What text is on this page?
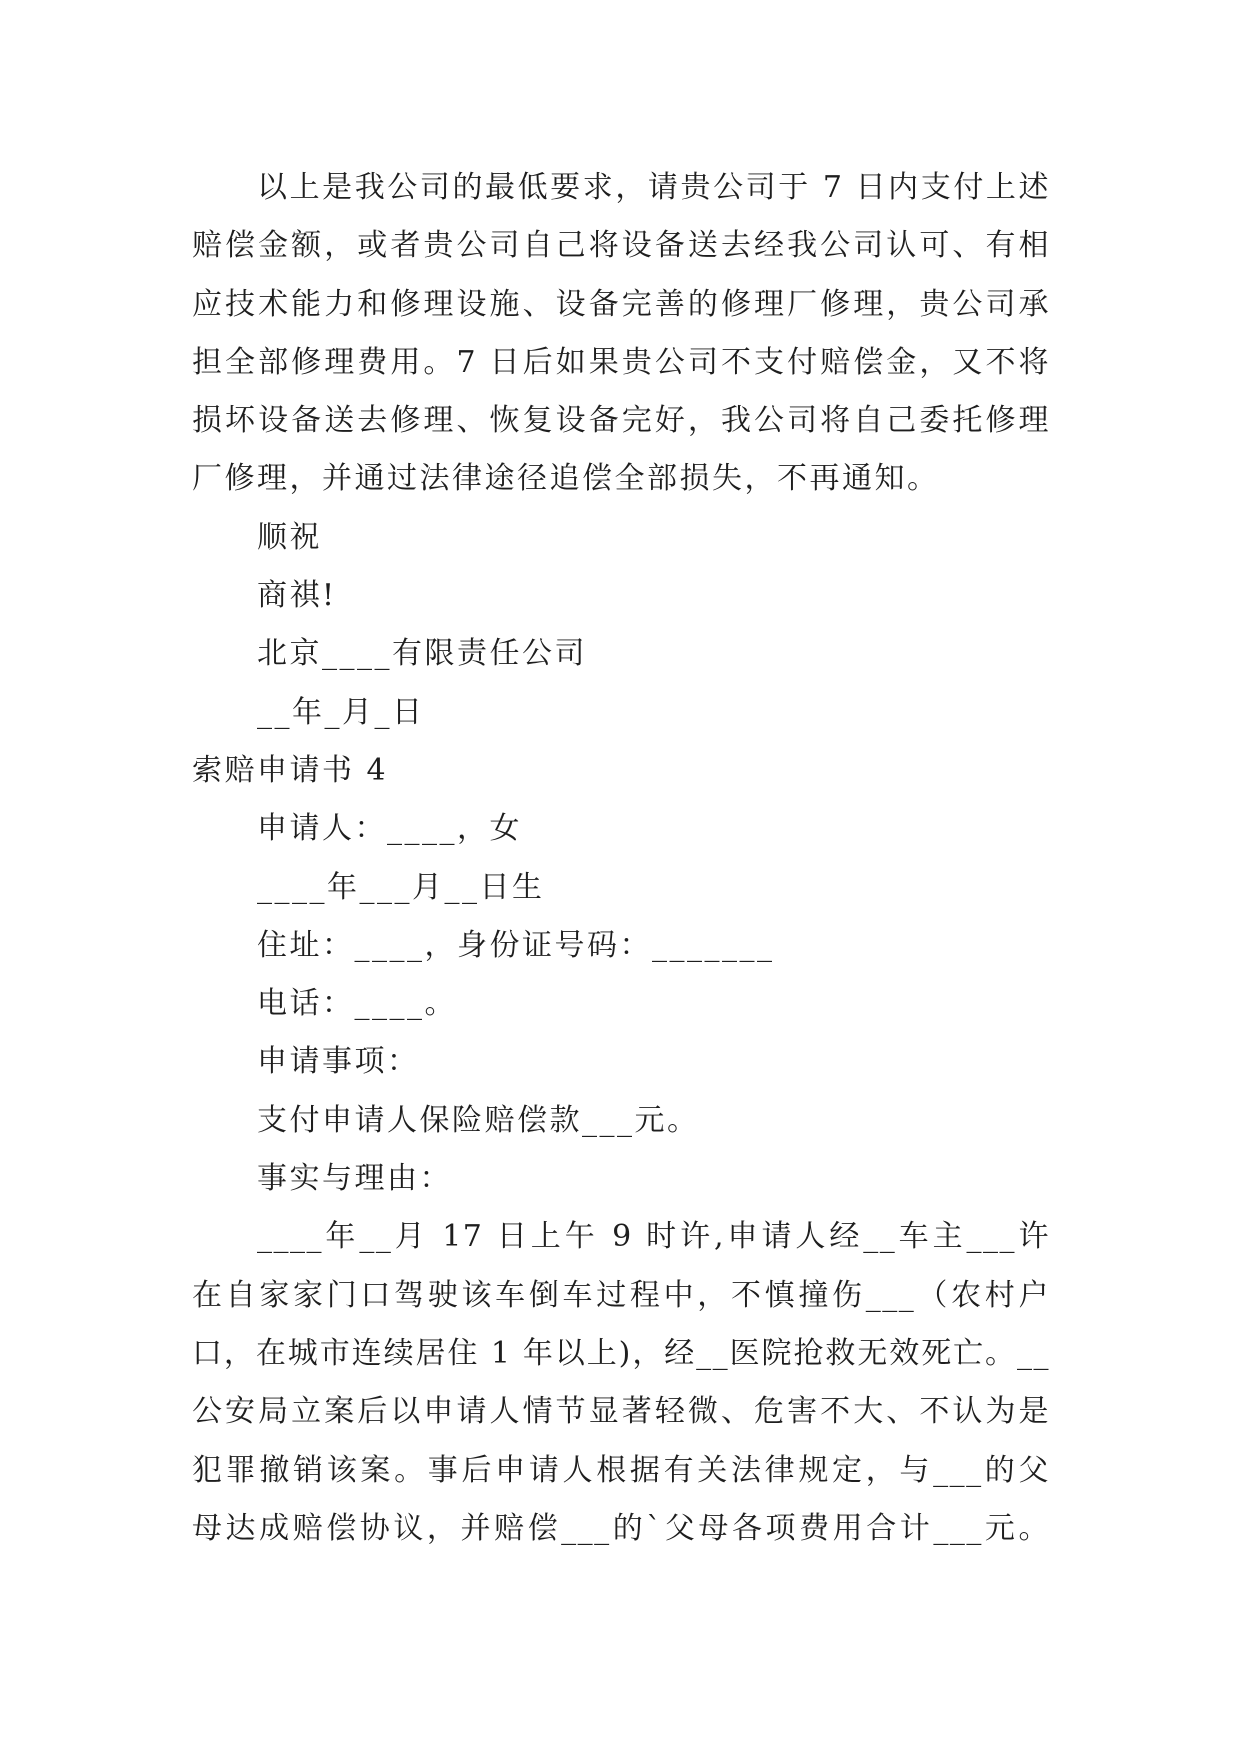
以上是我公司的最低要求，请贵公司于 7 日内支付上述
赔偿金额，或者贵公司自己将设备送去经我公司认可、有相
应技术能力和修理设施、设备完善的修理厂修理，贵公司承
担全部修理费用。7 日后如果贵公司不支付赔偿金，又不将
损坏设备送去修理、恢复设备完好，我公司将自己委托修理
厂修理，并通过法律途径追偿全部损失，不再通知。
顺祝
商祺!
北京____有限责任公司
__年_月_日
索赔申请书 4
申请人：____，女
____年___月__日生
住址：____，身份证号码：_______
电话：____。
申请事项：
支付申请人保险赔偿款___元。
事实与理由：
____年__月 17 日上午 9 时许,申请人经__车主___许
在自家家门口驾驶该车倒车过程中，不慎撞伤___（农村户
口，在城市连续居住 1 年以上)，经__医院抢救无效死亡。__
公安局立案后以申请人情节显著轻微、危害不大、不认为是
犯罪撤销该案。事后申请人根据有关法律规定，与___的父
母达成赔偿协议，并赔偿___的`父母各项费用合计___元。
